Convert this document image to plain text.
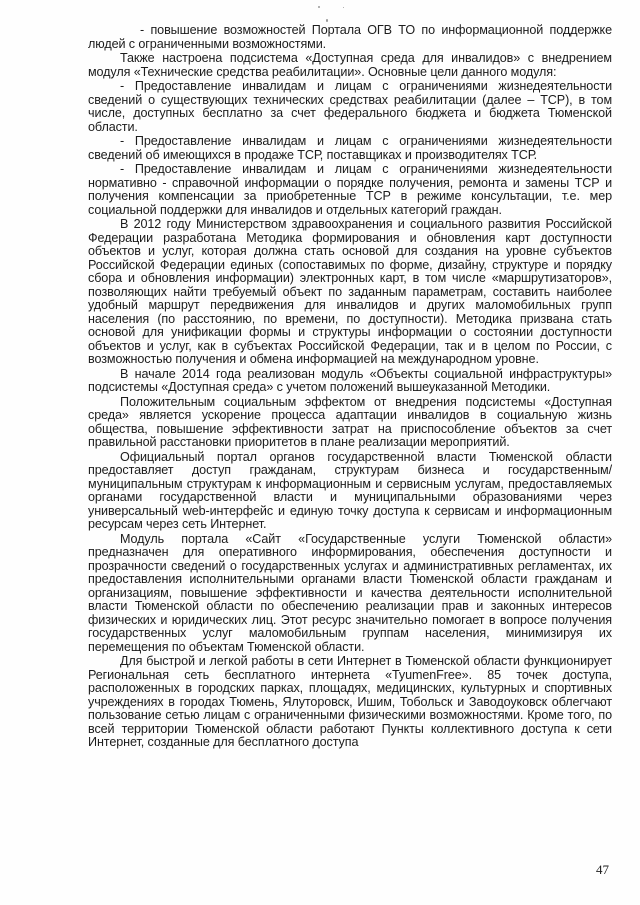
- повышение возможностей Портала ОГВ ТО по информационной поддержке людей с ограниченными возможностями.

Также настроена подсистема «Доступная среда для инвалидов» с внедрением модуля «Технические средства реабилитации». Основные цели данного модуля:

- Предоставление инвалидам и лицам с ограничениями жизнедеятельности сведений о существующих технических средствах реабилитации (далее – ТСР), в том числе, доступных бесплатно за счет федерального бюджета и бюджета Тюменской области.

- Предоставление инвалидам и лицам с ограничениями жизнедеятельности сведений об имеющихся в продаже ТСР, поставщиках и производителях ТСР.

- Предоставление инвалидам и лицам с ограничениями жизнедеятельности нормативно - справочной информации о порядке получения, ремонта и замены ТСР и получения компенсации за приобретенные ТСР в режиме консультации, т.е. мер социальной поддержки для инвалидов и отдельных категорий граждан.

В 2012 году Министерством здравоохранения и социального развития Российской Федерации разработана Методика формирования и обновления карт доступности объектов и услуг, которая должна стать основой для создания на уровне субъектов Российской Федерации единых (сопоставимых по форме, дизайну, структуре и порядку сбора и обновления информации) электронных карт, в том числе «маршрутизаторов», позволяющих найти требуемый объект по заданным параметрам, составить наиболее удобный маршрут передвижения для инвалидов и других маломобильных групп населения (по расстоянию, по времени, по доступности). Методика призвана стать основой для унификации формы и структуры информации о состоянии доступности объектов и услуг, как в субъектах Российской Федерации, так и в целом по России, с возможностью получения и обмена информацией на международном уровне.

В начале 2014 года реализован модуль «Объекты социальной инфраструктуры» подсистемы «Доступная среда» с учетом положений вышеуказанной Методики.

Положительным социальным эффектом от внедрения подсистемы «Доступная среда» является ускорение процесса адаптации инвалидов в социальную жизнь общества, повышение эффективности затрат на приспособление объектов за счет правильной расстановки приоритетов в плане реализации мероприятий.

Официальный портал органов государственной власти Тюменской области предоставляет доступ гражданам, структурам бизнеса и государственным/муниципальным структурам к информационным и сервисным услугам, предоставляемых органами государственной власти и муниципальными образованиями через универсальный web-интерфейс и единую точку доступа к сервисам и информационным ресурсам через сеть Интернет.

Модуль портала «Сайт «Государственные услуги Тюменской области» предназначен для оперативного информирования, обеспечения доступности и прозрачности сведений о государственных услугах и административных регламентах, их предоставления исполнительными органами власти Тюменской области гражданам и организациям, повышение эффективности и качества деятельности исполнительной власти Тюменской области по обеспечению реализации прав и законных интересов физических и юридических лиц. Этот ресурс значительно помогает в вопросе получения государственных услуг маломобильным группам населения, минимизируя их перемещения по объектам Тюменской области.

Для быстрой и легкой работы в сети Интернет в Тюменской области функционирует Региональная сеть бесплатного интернета «TyumenFree». 85 точек доступа, расположенных в городских парках, площадях, медицинских, культурных и спортивных учреждениях в городах Тюмень, Ялуторовск, Ишим, Тобольск и Заводоуковск облегчают пользование сетью лицам с ограниченными физическими возможностями. Кроме того, по всей территории Тюменской области работают Пункты коллективного доступа к сети Интернет, созданные для бесплатного доступа

47
